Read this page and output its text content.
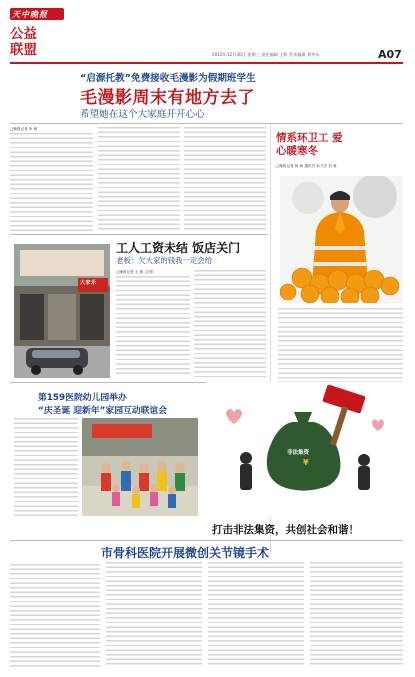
天中晚报
公益联盟	2015年12月30日 星期三 责任编辑 王辉 美术编辑 刘冬东	A07
“启源托教”免费接收毛漫影为假期班学生
毛漫影周末有地方去了
希望她在这个大家庭开开心心
□晚报记者 李 威
情系环卫工 爱心暖寒冬
□晚报记者 杨 威 通讯员 孙义杰 刘 赛
大家乐
工人工资未结 饭店关门
老板：欠大家的钱我一定会给
□晚报记者 王 威 文/图
第159医院幼儿园举办
“庆圣诞 迎新年”家园互动联谊会
非法集资
¥
打击非法集资，共创社会和谐！
市骨科医院开展微创关节镜手术
